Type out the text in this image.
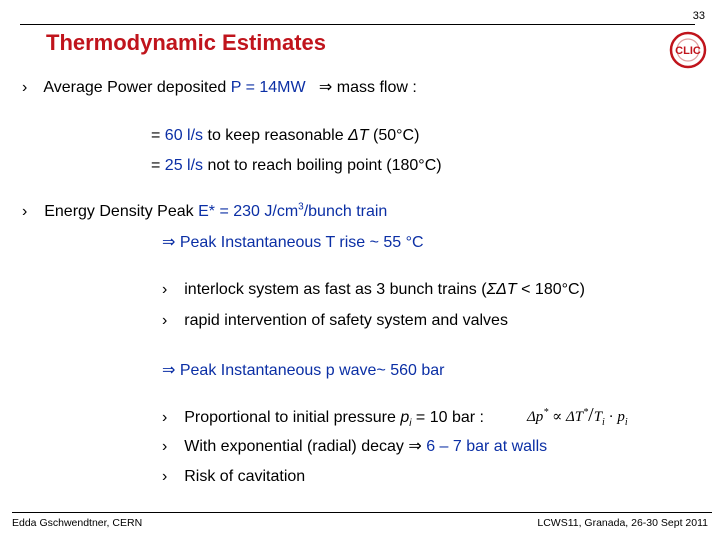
33
Thermodynamic Estimates	CLIC
› Average Power deposited P = 14MW ⇒ mass flow :
= 60 l/s to keep reasonable ΔT (50°C)
= 25 l/s not to reach boiling point (180°C)
› Energy Density Peak E* = 230 $J/cm^3$/bunch train
⇒ Peak Instantaneous T rise ~ 55 °C
› interlock system as fast as 3 bunch trains (ΣΔT < 180°C)
› rapid intervention of safety system and valves
⇒ Peak Instantaneous p wave~ 560 bar
› Proportional to initial pressure $p_i = 10$ bar :	$\Delta p^* \propto \Delta T^*/T_i \cdot p_i$
› With exponential (radial) decay ⇒ 6 – 7 bar at walls
› Risk of cavitation
Edda Gschwendtner, CERN	LCWS11, Granada, 26-30 Sept 2011
